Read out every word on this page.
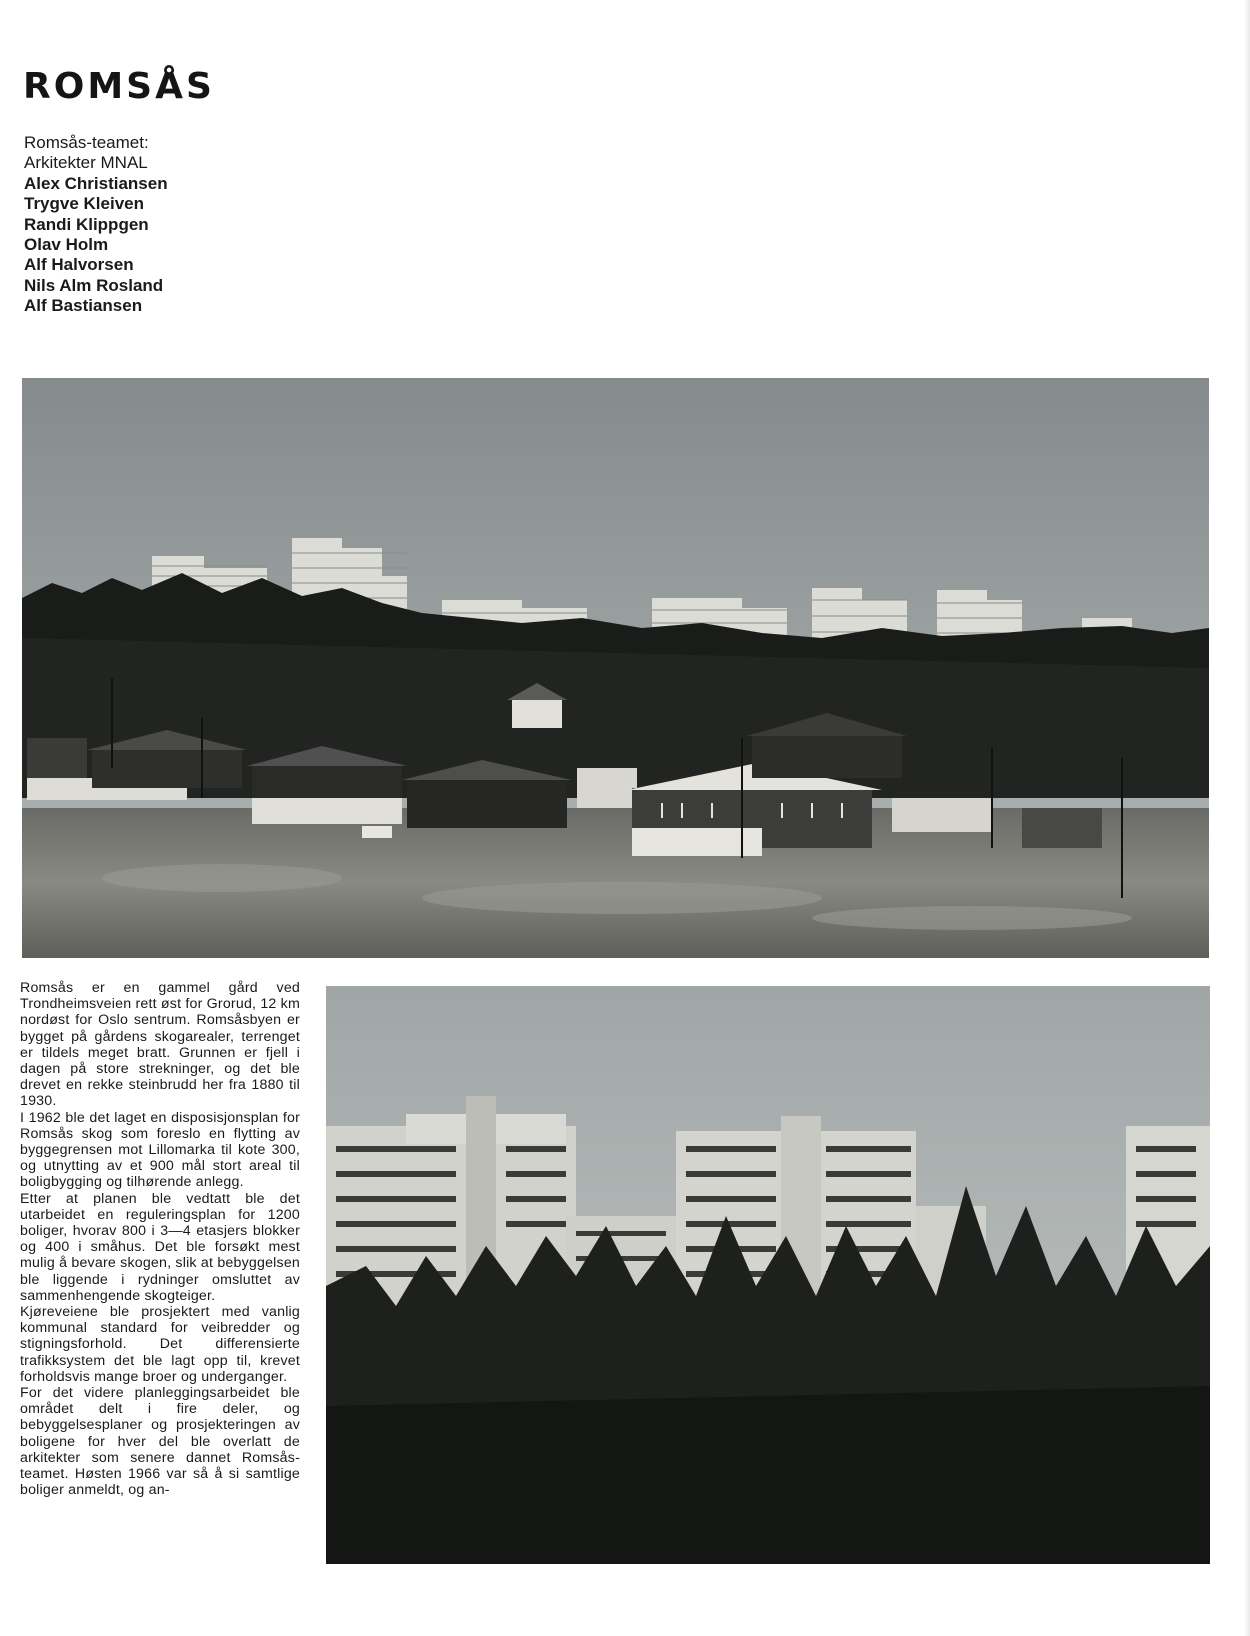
ROMSÅS
Romsås-teamet:
Arkitekter MNAL
Alex Christiansen
Trygve Kleiven
Randi Klippgen
Olav Holm
Alf Halvorsen
Nils Alm Rosland
Alf Bastiansen

Romsås er en gammel gård ved Trondheimsveien rett øst for Grorud, 12 km nordøst for Oslo sentrum. Romsåsbyen er bygget på gårdens skogarealer, terrenget er tildels meget bratt. Grunnen er fjell i dagen på store strekninger, og det ble drevet en rekke steinbrudd her fra 1880 til 1930.

I 1962 ble det laget en disposisjonsplan for Romsås skog som foreslo en flytting av byggegrensen mot Lillomarka til kote 300, og utnytting av et 900 mål stort areal til boligbygging og tilhørende anlegg.

Etter at planen ble vedtatt ble det utarbeidet en reguleringsplan for 1200 boliger, hvorav 800 i 3—4 etasjers blokker og 400 i småhus. Det ble forsøkt mest mulig å bevare skogen, slik at bebyggelsen ble liggende i rydninger omsluttet av sammenhengende skogteiger.

Kjøreveiene ble prosjektert med vanlig kommunal standard for veibredder og stigningsforhold. Det differensierte trafikksystem det ble lagt opp til, krevet forholdsvis mange broer og underganger.

For det videre planleggingsarbeidet ble området delt i fire deler, og bebyggelsesplaner og prosjekteringen av boligene for hver del ble overlatt de arkitekter som senere dannet Romsås-teamet. Høsten 1966 var så å si samtlige boliger anmeldt, og an-
